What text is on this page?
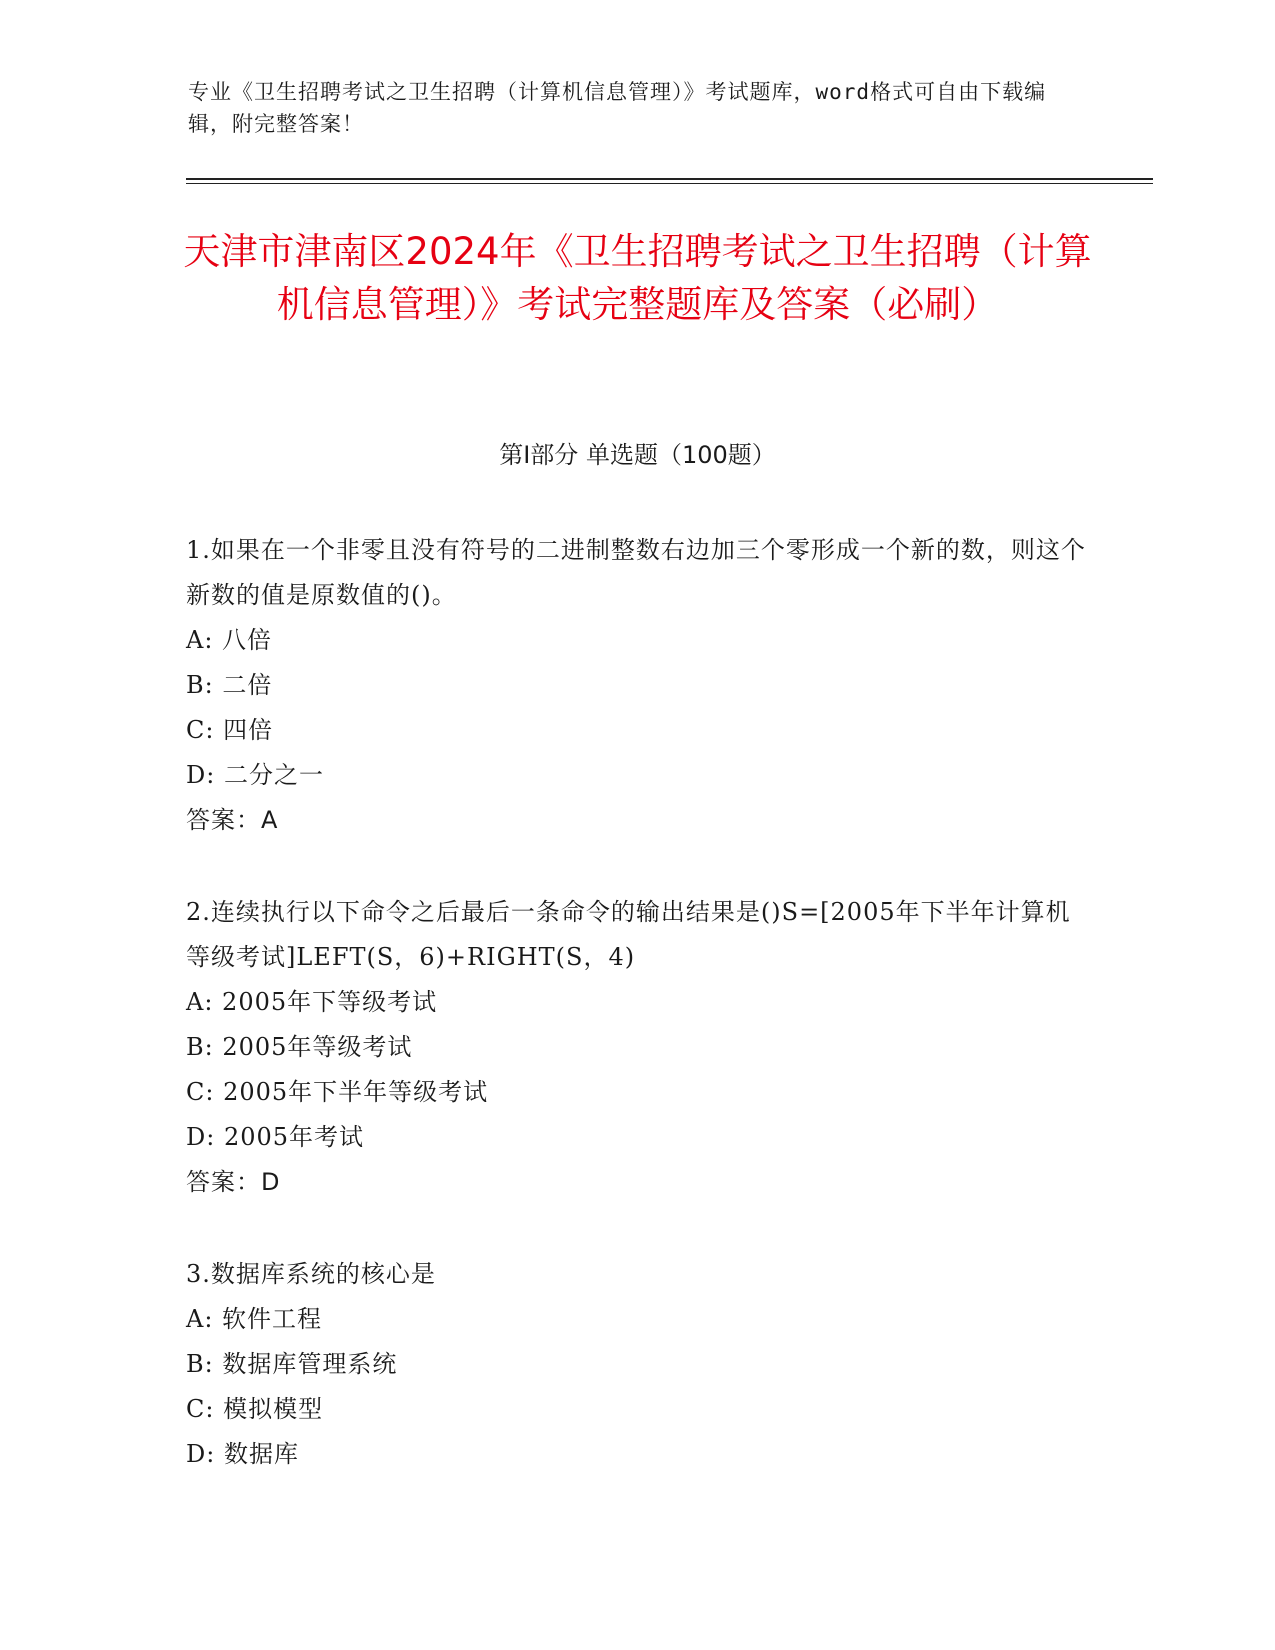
专业《卫生招聘考试之卫生招聘（计算机信息管理）》考试题库，word格式可自由下载编辑，附完整答案！
天津市津南区2024年《卫生招聘考试之卫生招聘（计算机信息管理）》考试完整题库及答案（必刷）
第Ⅰ部分 单选题（100题）

1.如果在一个非零且没有符号的二进制整数右边加三个零形成一个新的数，则这个新数的值是原数值的()。

A: 八倍
B: 二倍
C: 四倍
D: 二分之一
答案：A

2.连续执行以下命令之后最后一条命令的输出结果是()S=[2005年下半年计算机等级考试]LEFT(S，6)+RIGHT(S，4)

A: 2005年下等级考试
B: 2005年等级考试
C: 2005年下半年等级考试
D: 2005年考试
答案：D

3.数据库系统的核心是

A: 软件工程
B: 数据库管理系统
C: 模拟模型
D: 数据库
